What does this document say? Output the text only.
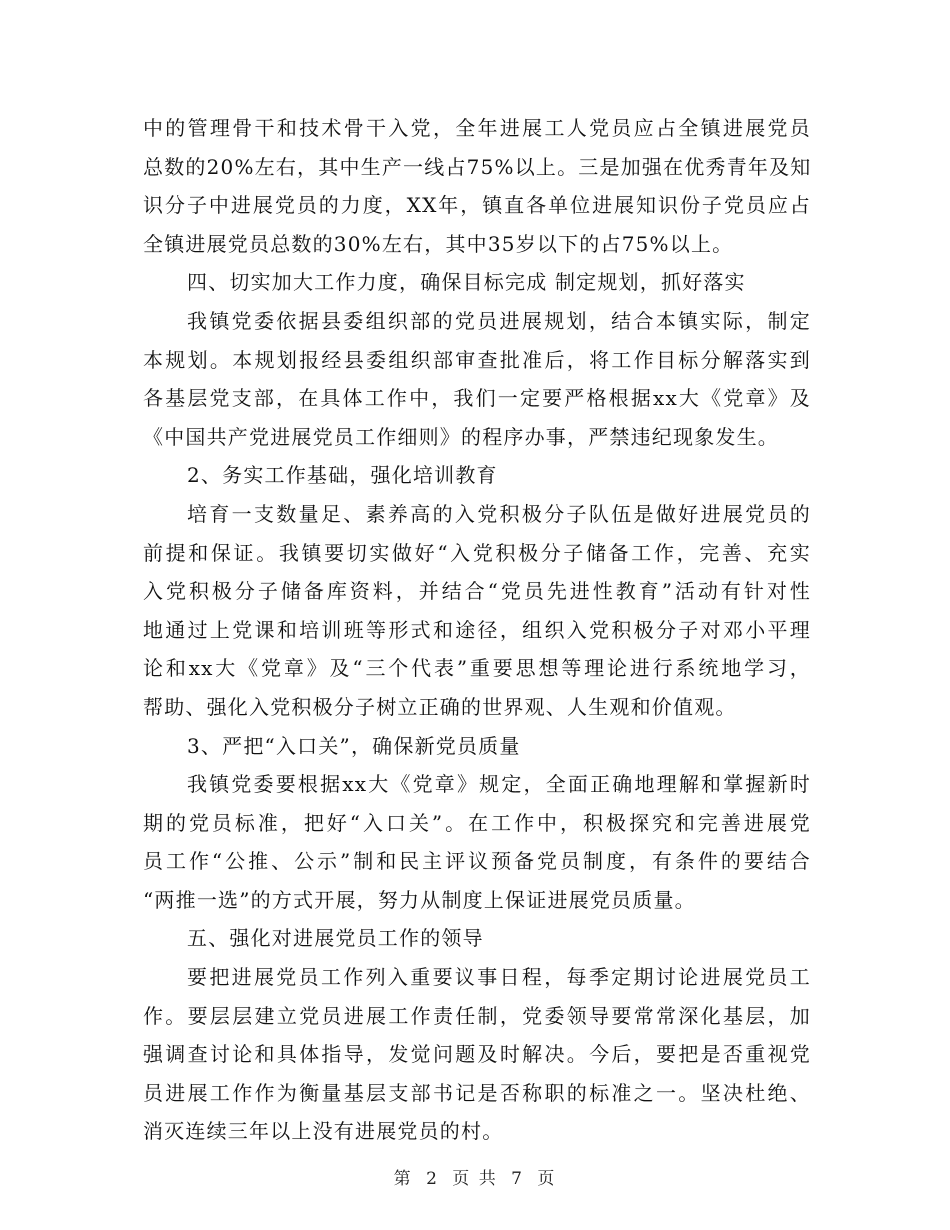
中的管理骨干和技术骨干入党，全年进展工人党员应占全镇进展党员
总数的20%左右，其中生产一线占75%以上。三是加强在优秀青年及知
识分子中进展党员的力度，XX年，镇直各单位进展知识份子党员应占
全镇进展党员总数的30%左右，其中35岁以下的占75%以上。
四、切实加大工作力度，确保目标完成 制定规划，抓好落实
我镇党委依据县委组织部的党员进展规划，结合本镇实际，制定
本规划。本规划报经县委组织部审查批准后，将工作目标分解落实到
各基层党支部，在具体工作中，我们一定要严格根据xx大《党章》及
《中国共产党进展党员工作细则》的程序办事，严禁违纪现象发生。
2、务实工作基础，强化培训教育
培育一支数量足、素养高的入党积极分子队伍是做好进展党员的
前提和保证。我镇要切实做好“入党积极分子储备工作，完善、充实
入党积极分子储备库资料，并结合“党员先进性教育”活动有针对性
地通过上党课和培训班等形式和途径，组织入党积极分子对邓小平理
论和xx大《党章》及“三个代表”重要思想等理论进行系统地学习，
帮助、强化入党积极分子树立正确的世界观、人生观和价值观。
3、严把“入口关”，确保新党员质量
我镇党委要根据xx大《党章》规定，全面正确地理解和掌握新时
期的党员标准，把好“入口关”。在工作中，积极探究和完善进展党
员工作“公推、公示”制和民主评议预备党员制度，有条件的要结合
“两推一选”的方式开展，努力从制度上保证进展党员质量。
五、强化对进展党员工作的领导
要把进展党员工作列入重要议事日程，每季定期讨论进展党员工
作。要层层建立党员进展工作责任制，党委领导要常常深化基层，加
强调查讨论和具体指导，发觉问题及时解决。今后，要把是否重视党
员进展工作作为衡量基层支部书记是否称职的标准之一。坚决杜绝、
消灭连续三年以上没有进展党员的村。
第 2 页 共 7 页
